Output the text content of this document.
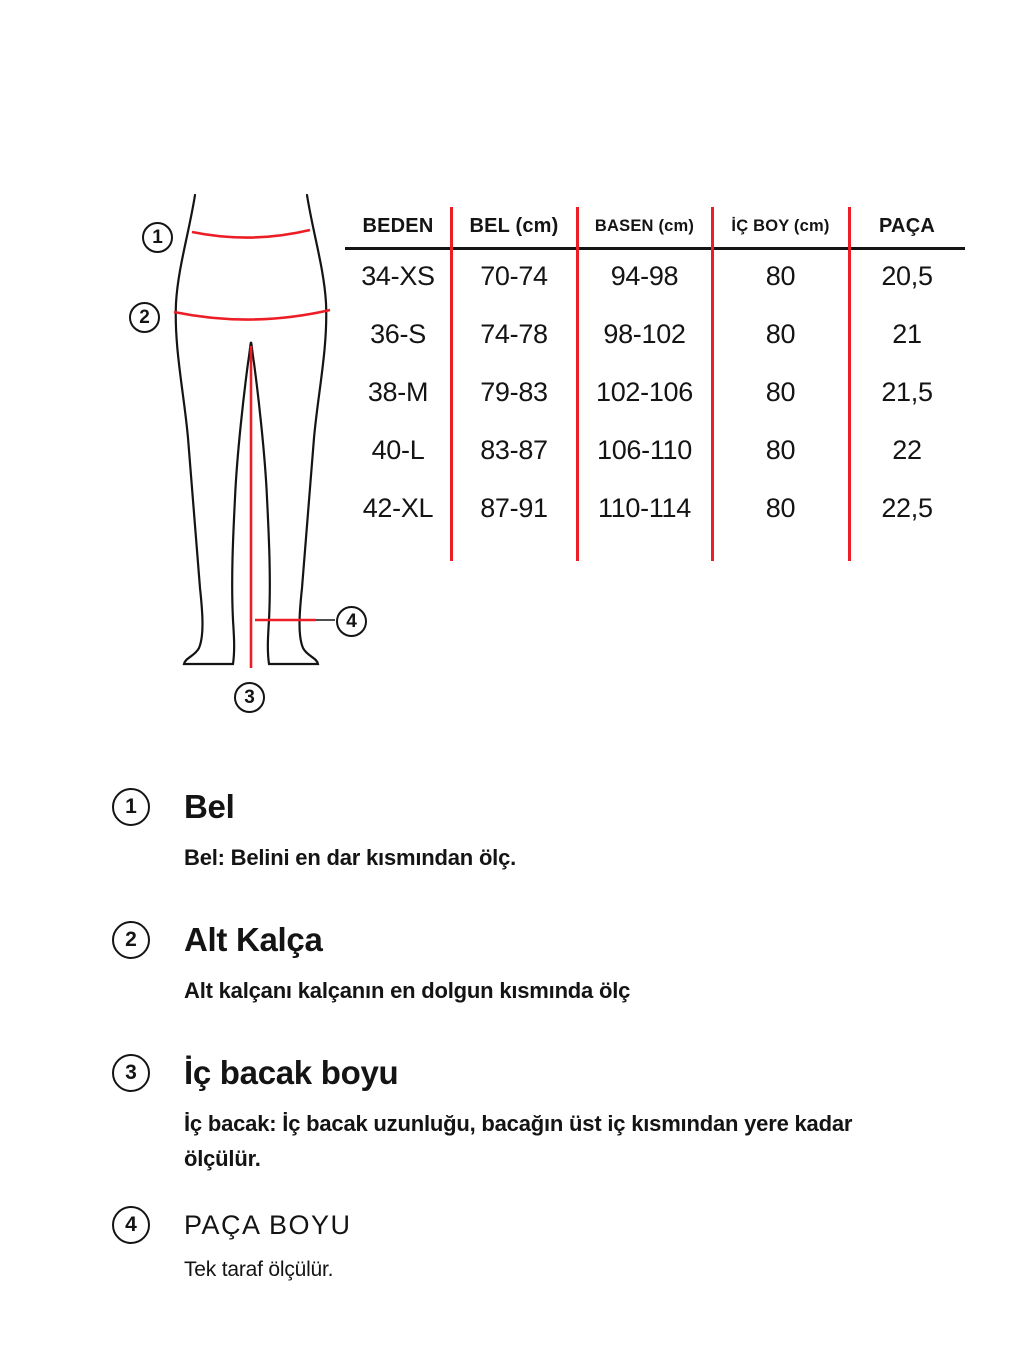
1
2
3
4
BEDEN	BEL (cm)	BASEN (cm)	İÇ BOY (cm)	PAÇA
34-XS	70-74	94-98	80	20,5
36-S	74-78	98-102	80	21
38-M	79-83	102-106	80	21,5
40-L	83-87	106-110	80	22
42-XL	87-91	110-114	80	22,5
1	Bel
Bel: Belini en dar kısmından ölç.
2	Alt Kalça
Alt kalçanı kalçanın en dolgun kısmında ölç
3	İç bacak boyu
İç bacak: İç bacak uzunluğu, bacağın üst iç kısmından yere kadar ölçülür.
4	PAÇA BOYU
Tek taraf ölçülür.
